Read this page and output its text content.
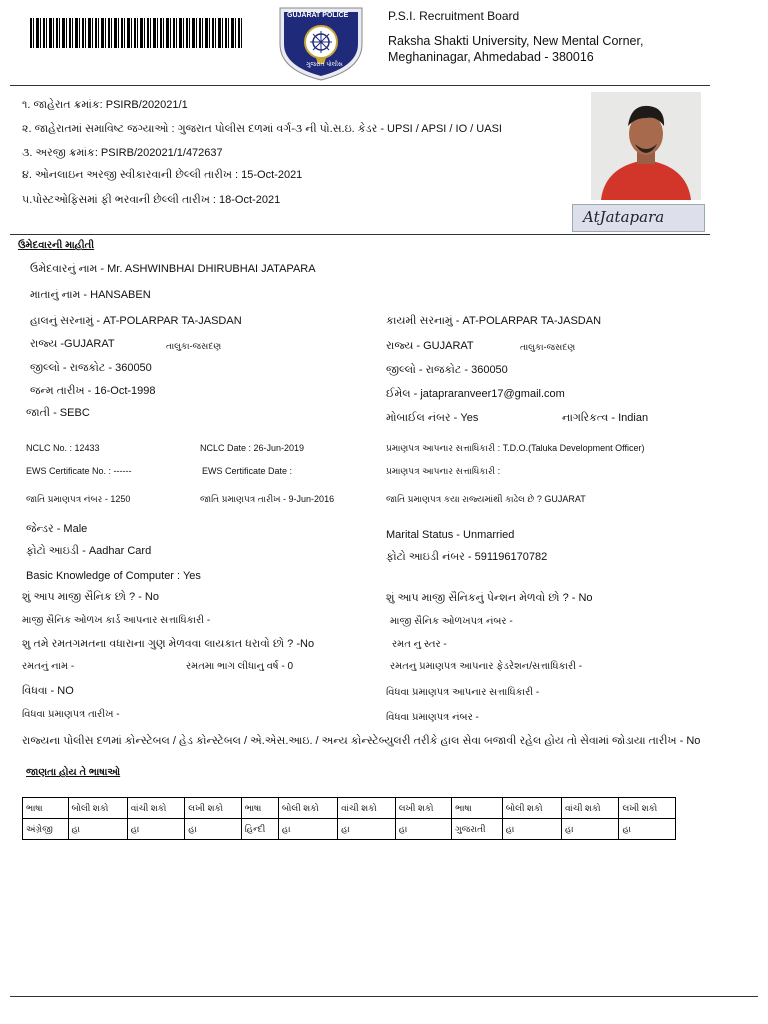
GUJARAT POLICE
ગુજરાત પોલીસ
P.S.I. Recruitment Board
Raksha Shakti University, New Mental Corner,
Meghaninagar, Ahmedabad - 380016
૧. જાહેરાત ક્રમાંક: PSIRB/202021/1
૨. જાહેરાતમાં સમાવિષ્ટ જગ્યાઓ : ગુજરાત પોલીસ દળમાં વર્ગ-૩ ની પો.સ.ઇ. કેડર - UPSI / APSI / IO / UASI
૩. અરજી ક્રમાંક: PSIRB/202021/1/472637
૪. ઓનલાઇન અરજી સ્વીકારવાની છેલ્લી તારીખ : 15-Oct-2021
૫.પોસ્ટઓફિસમાં ફી ભરવાની છેલ્લી તારીખ : 18-Oct-2021
AtJatapara
ઉમેદવારની માહીતી
ઉમેદવારનું નામ - Mr. ASHWINBHAI DHIRUBHAI JATAPARA
માતાનું નામ - HANSABEN
હાલનું સરનામું - AT-POLARPAR TA-JASDAN	કાયમી સરનામું - AT-POLARPAR TA-JASDAN
રાજ્ય -GUJARAT	તાલુકા-જસદણ	રાજ્ય - GUJARAT	તાલુકા-જસદણ
જીલ્લો - રાજકોટ - 360050	જીલ્લો - રાજકોટ - 360050
જન્મ તારીખ - 16-Oct-1998	ઈમેલ - jatapraranveer17@gmail.com
જાતી - SEBC	મોબાઈલ નંબર - Yes	નાગરિકત્વ - Indian
NCLC No. : 12433	NCLC Date : 26-Jun-2019	પ્રમાણપત્ર આપનાર સત્તાધિકારી : T.D.O.(Taluka Development Officer)
EWS Certificate No. : ------	EWS Certificate Date :	પ્રમાણપત્ર આપનાર સત્તાધિકારી :
જાતિ પ્રમાણપત્ર નંબર - 1250	જાતિ પ્રમાણપત્ર તારીખ - 9-Jun-2016	જાતિ પ્રમાણપત્ર કયા રાજ્યમાંથી કાઢેલ છે ? GUJARAT
જેન્ડર - Male	Marital Status - Unmarried
ફોટો આઇડી - Aadhar Card	ફોટો આઇડી નંબર - 591196170782
Basic Knowledge of Computer : Yes
શું આપ માજી સૈનિક છો ? - No	શું આપ માજી સૈનિકનું પેન્શન મેળવો છો ? - No
માજી સૈનિક ઓળખ કાર્ડ આપનાર સત્તાધિકારી -	માજી સૈનિક ઓળખપત્ર નંબર -
શુ તમે રમતગમતના વધારાના ગુણ મેળવવા લાયકાત ધરાવો છો ? -No	રમત નુ સ્તર -
રમતનું નામ -	રમતમા ભાગ લીધાનુ વર્ષ - 0	રમતનુ પ્રમાણપત્ર આપનાર ફેડરેશન/સત્તાધિકારી -
વિધવા - NO	વિધવા પ્રમાણપત્ર આપનાર સત્તાધિકારી -
વિધવા પ્રમાણપત્ર તારીખ -	વિધવા પ્રમાણપત્ર નંબર -
રાજ્યના પોલીસ દળમાં કોન્સ્ટેબલ / હેડ કોન્સ્ટેબલ / એ.એસ.આઇ. / અન્ય કોન્સ્ટેબ્યુલરી તરીકે હાલ સેવા બજાવી રહેલ હોય તો સેવામાં જોડાયા તારીખ - No
જાણતા હોય તે ભાષાઓ
ભાષા	બોલી શકો	વાંચી શકો	લખી શકો	ભાષા	બોલી શકો	વાંચી શકો	લખી શકો	ભાષા	બોલી શકો	વાંચી શકો	લખી શકો
અંગ્રેજી	હા	હા	હા	હિન્દી	હા	હા	હા	ગુજરાતી	હા	હા	હા
